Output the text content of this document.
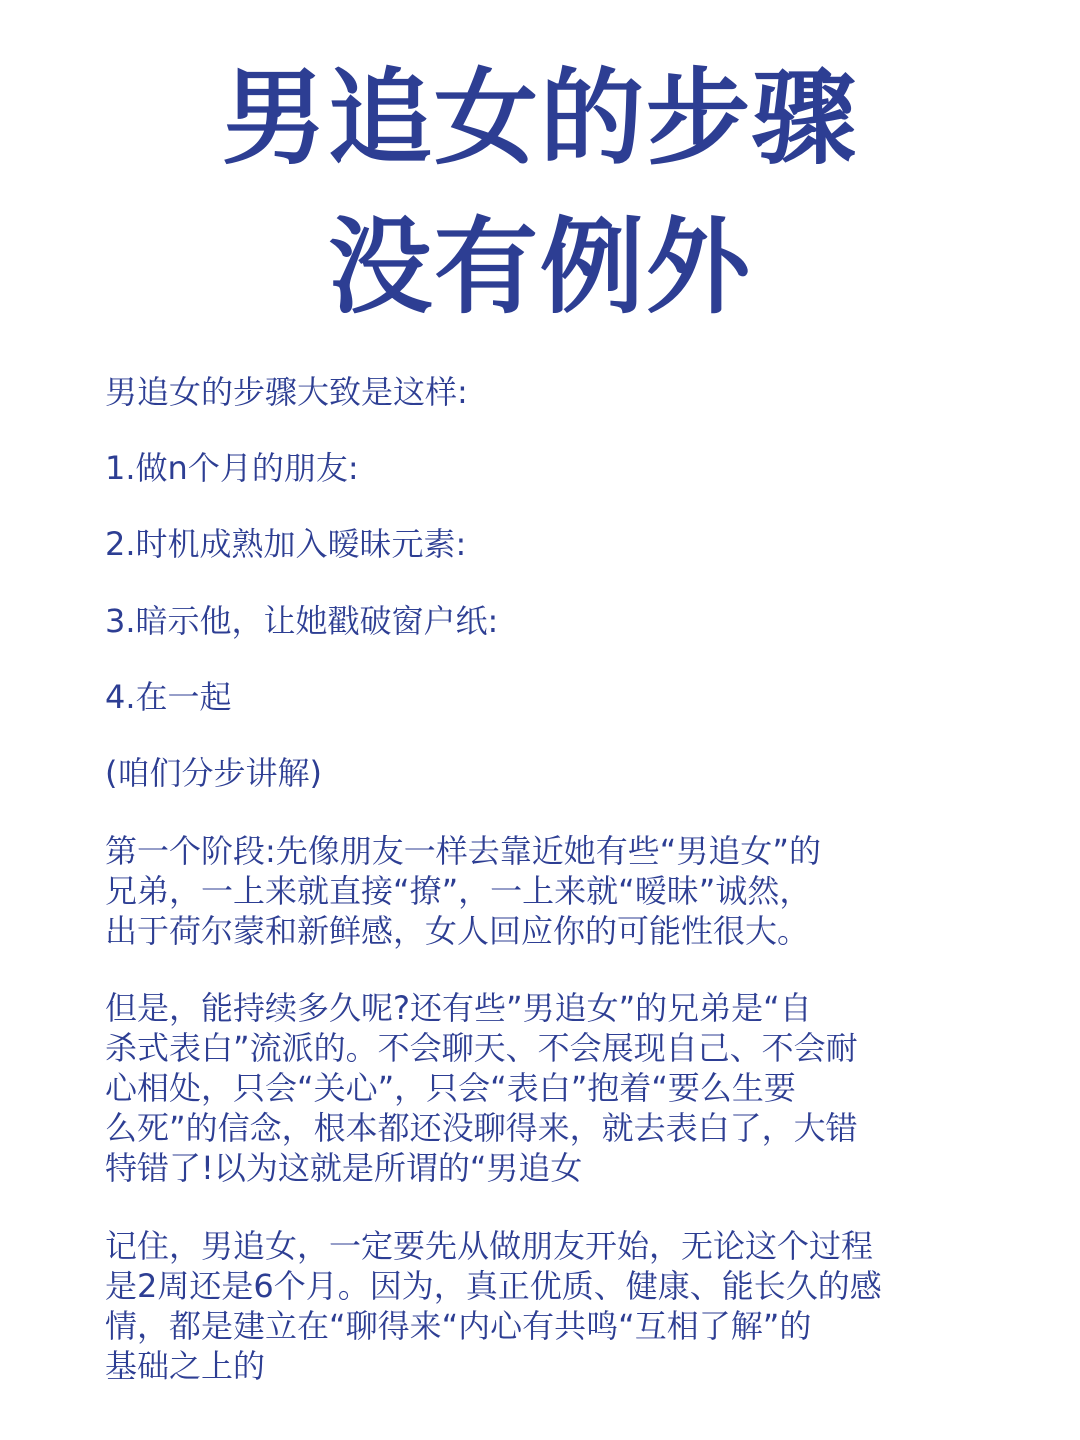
男追女的步骤
没有例外
男追女的步骤大致是这样:
1.做n个月的朋友:
2.时机成熟加入暧昧元素:
3.暗示他，让她戳破窗户纸:
4.在一起
(咱们分步讲解)
第一个阶段:先像朋友一样去靠近她有些“男追女”的
兄弟，一上来就直接“撩”，一上来就“暧昧”诚然，
出于荷尔蒙和新鲜感，女人回应你的可能性很大。
但是，能持续多久呢?还有些”男追女”的兄弟是“自
杀式表白”流派的。不会聊天、不会展现自己、不会耐
心相处，只会“关心”，只会“表白”抱着“要么生要
么死”的信念，根本都还没聊得来，就去表白了，大错
特错了!以为这就是所谓的“男追女
记住，男追女，一定要先从做朋友开始，无论这个过程
是2周还是6个月。因为，真正优质、健康、能长久的感
情，都是建立在“聊得来“内心有共鸣“互相了解”的
基础之上的
